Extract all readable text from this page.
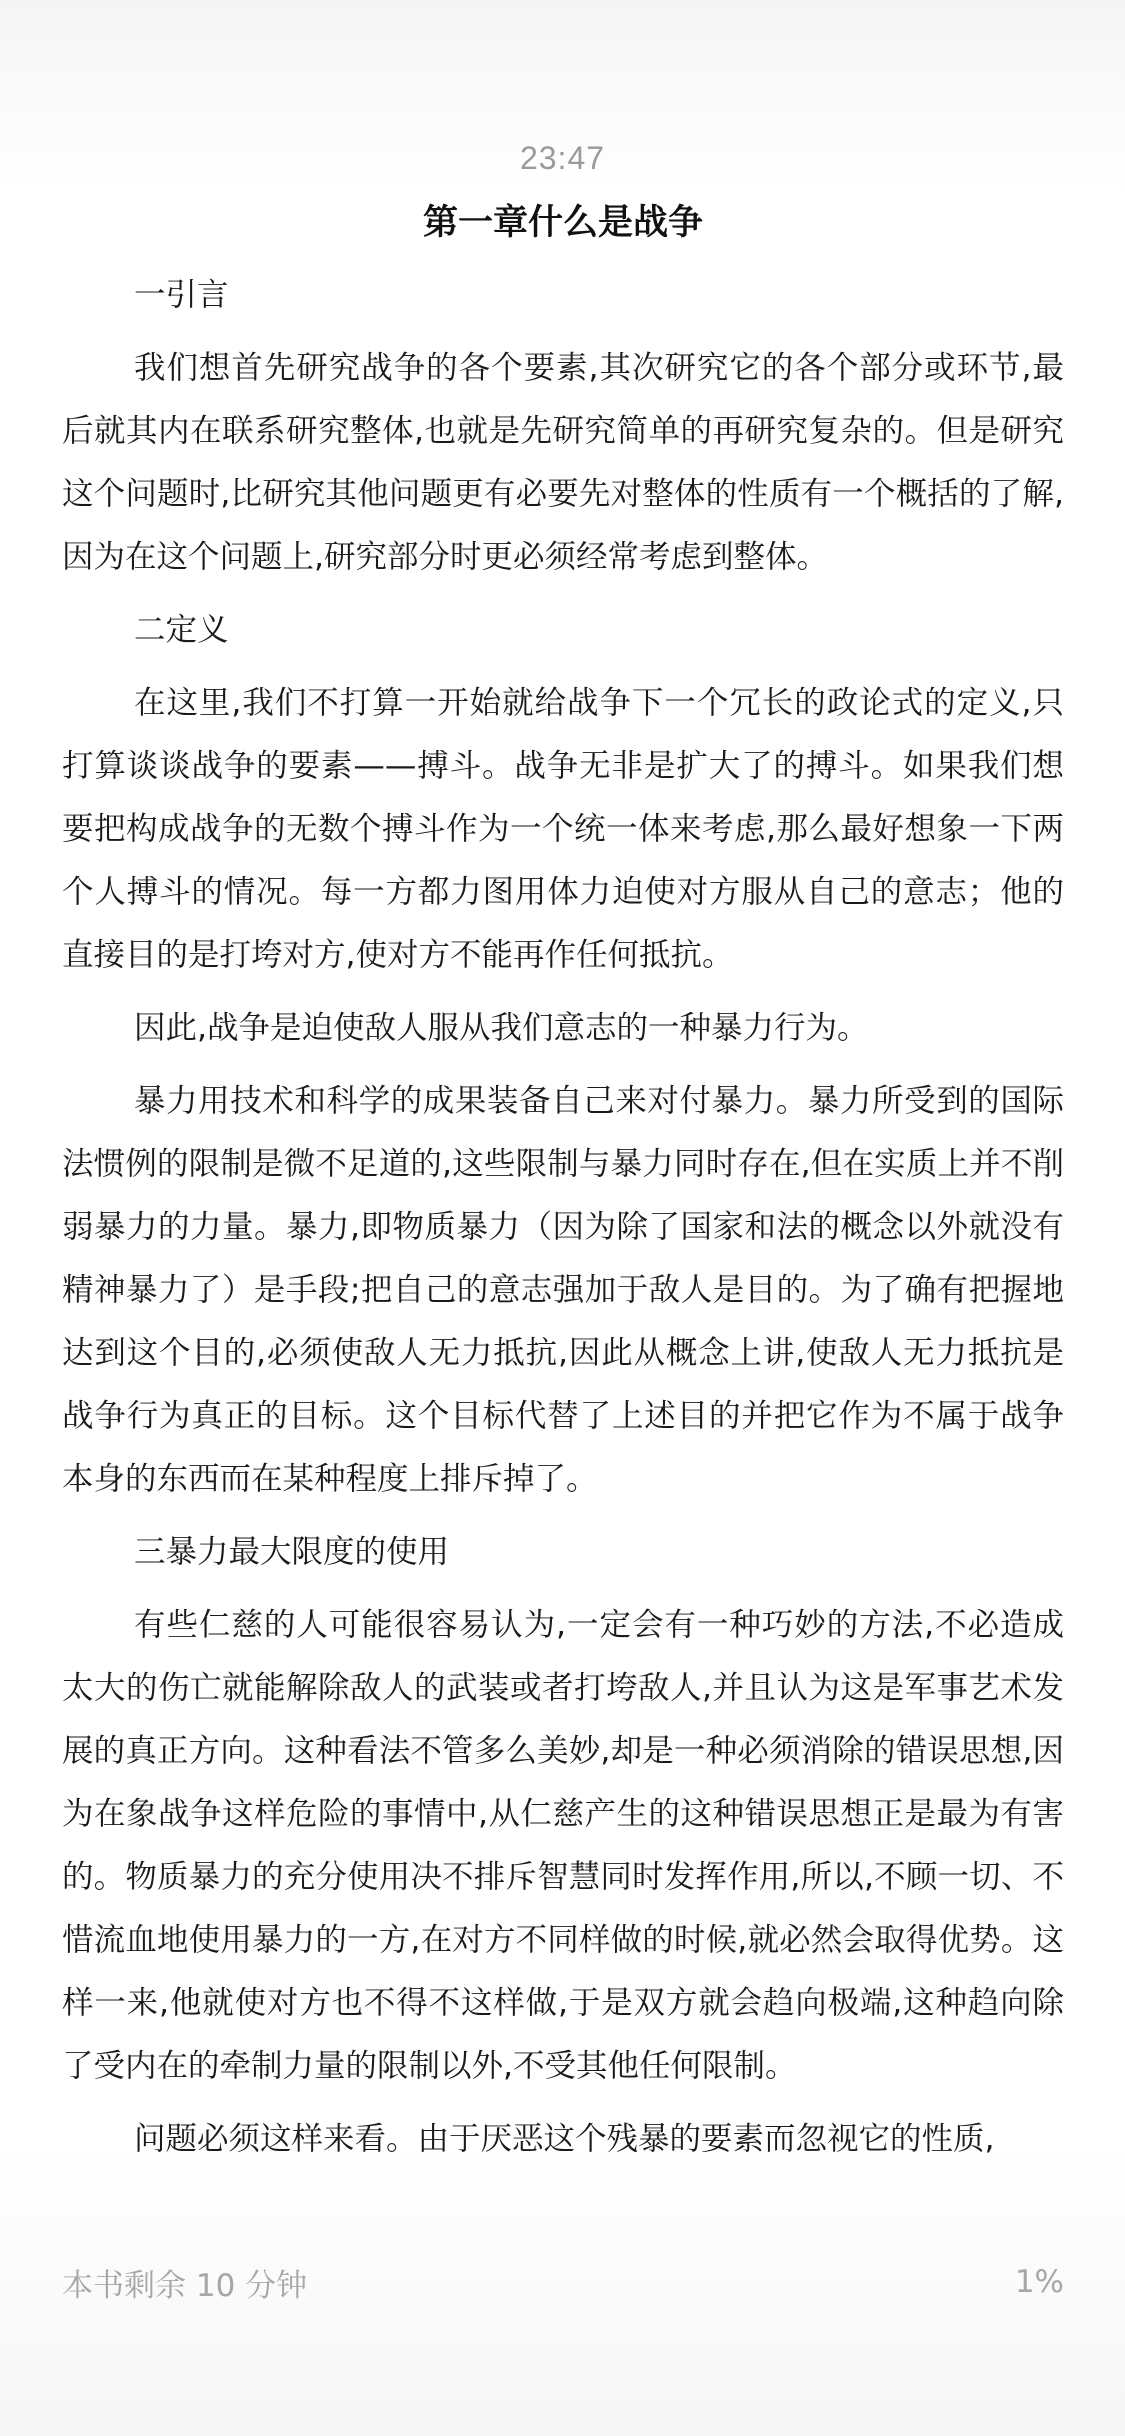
23:47
第一章什么是战争
一引言

我们想首先研究战争的各个要素,其次研究它的各个部分或环节,最后就其内在联系研究整体,也就是先研究简单的再研究复杂的。但是研究这个问题时,比研究其他问题更有必要先对整体的性质有一个概括的了解,因为在这个问题上,研究部分时更必须经常考虑到整体。

二定义

在这里,我们不打算一开始就给战争下一个冗长的政论式的定义,只打算谈谈战争的要素——搏斗。战争无非是扩大了的搏斗。如果我们想要把构成战争的无数个搏斗作为一个统一体来考虑,那么最好想象一下两个人搏斗的情况。每一方都力图用体力迫使对方服从自己的意志；他的直接目的是打垮对方,使对方不能再作任何抵抗。

因此,战争是迫使敌人服从我们意志的一种暴力行为。

暴力用技术和科学的成果装备自己来对付暴力。暴力所受到的国际法惯例的限制是微不足道的,这些限制与暴力同时存在,但在实质上并不削弱暴力的力量。暴力,即物质暴力（因为除了国家和法的概念以外就没有精神暴力了）是手段;把自己的意志强加于敌人是目的。为了确有把握地达到这个目的,必须使敌人无力抵抗,因此从概念上讲,使敌人无力抵抗是战争行为真正的目标。这个目标代替了上述目的并把它作为不属于战争本身的东西而在某种程度上排斥掉了。

三暴力最大限度的使用

有些仁慈的人可能很容易认为,一定会有一种巧妙的方法,不必造成太大的伤亡就能解除敌人的武装或者打垮敌人,并且认为这是军事艺术发展的真正方向。这种看法不管多么美妙,却是一种必须消除的错误思想,因为在象战争这样危险的事情中,从仁慈产生的这种错误思想正是最为有害的。物质暴力的充分使用决不排斥智慧同时发挥作用,所以,不顾一切、不惜流血地使用暴力的一方,在对方不同样做的时候,就必然会取得优势。这样一来,他就使对方也不得不这样做,于是双方就会趋向极端,这种趋向除了受内在的牵制力量的限制以外,不受其他任何限制。

问题必须这样来看。由于厌恶这个残暴的要素而忽视它的性质,

本书剩余 10 分钟	1%
